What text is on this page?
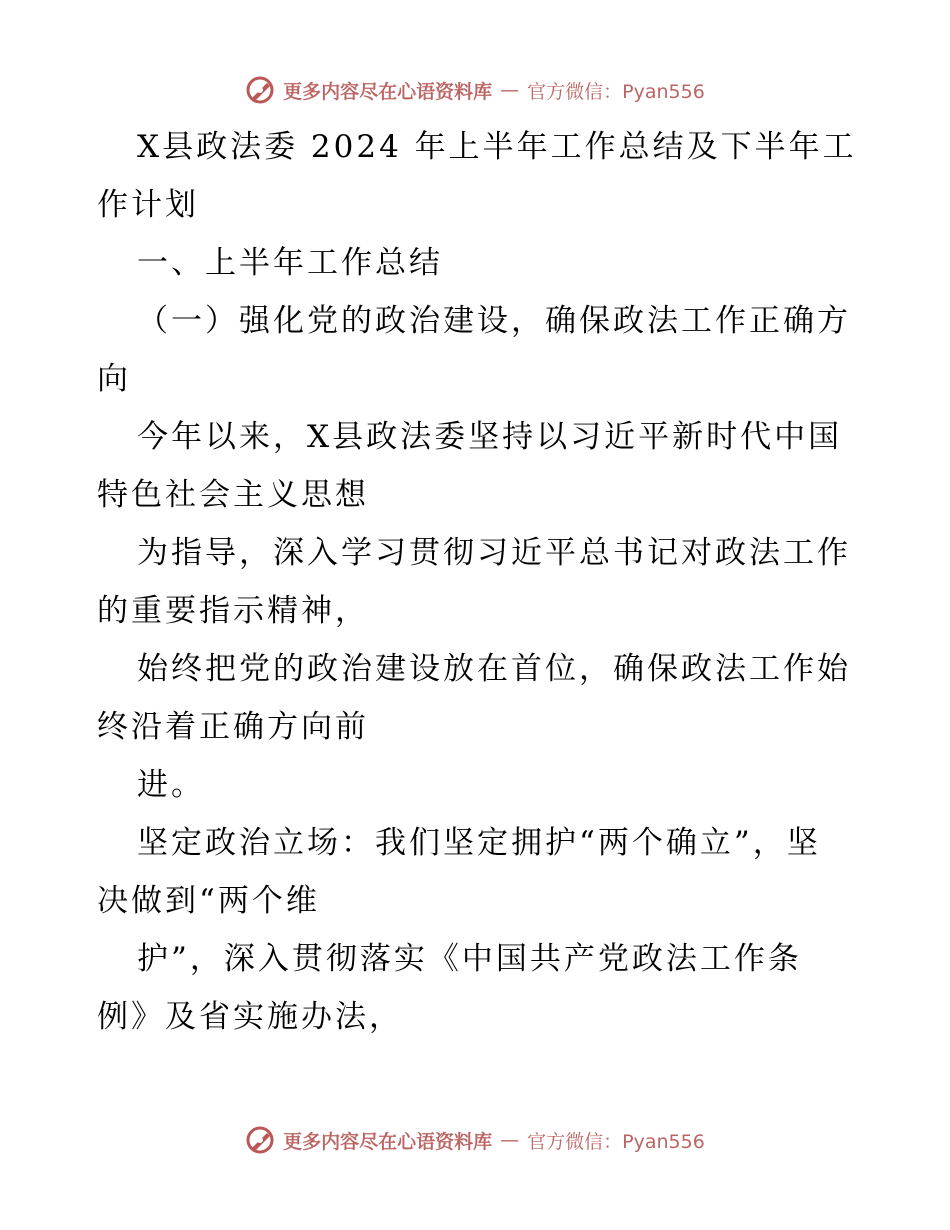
更多内容尽在心语资料库 — 官方微信：Pyan556

X县政法委 2024 年上半年工作总结及下半年工

作计划

一、上半年工作总结

（一）强化党的政治建设，确保政法工作正确方

向

今年以来，X县政法委坚持以习近平新时代中国

特色社会主义思想

为指导，深入学习贯彻习近平总书记对政法工作

的重要指示精神，

始终把党的政治建设放在首位，确保政法工作始

终沿着正确方向前

进。

坚定政治立场：我们坚定拥护“两个确立”，坚

决做到“两个维

护”，深入贯彻落实《中国共产党政法工作条

例》及省实施办法，

更多内容尽在心语资料库 — 官方微信：Pyan556
